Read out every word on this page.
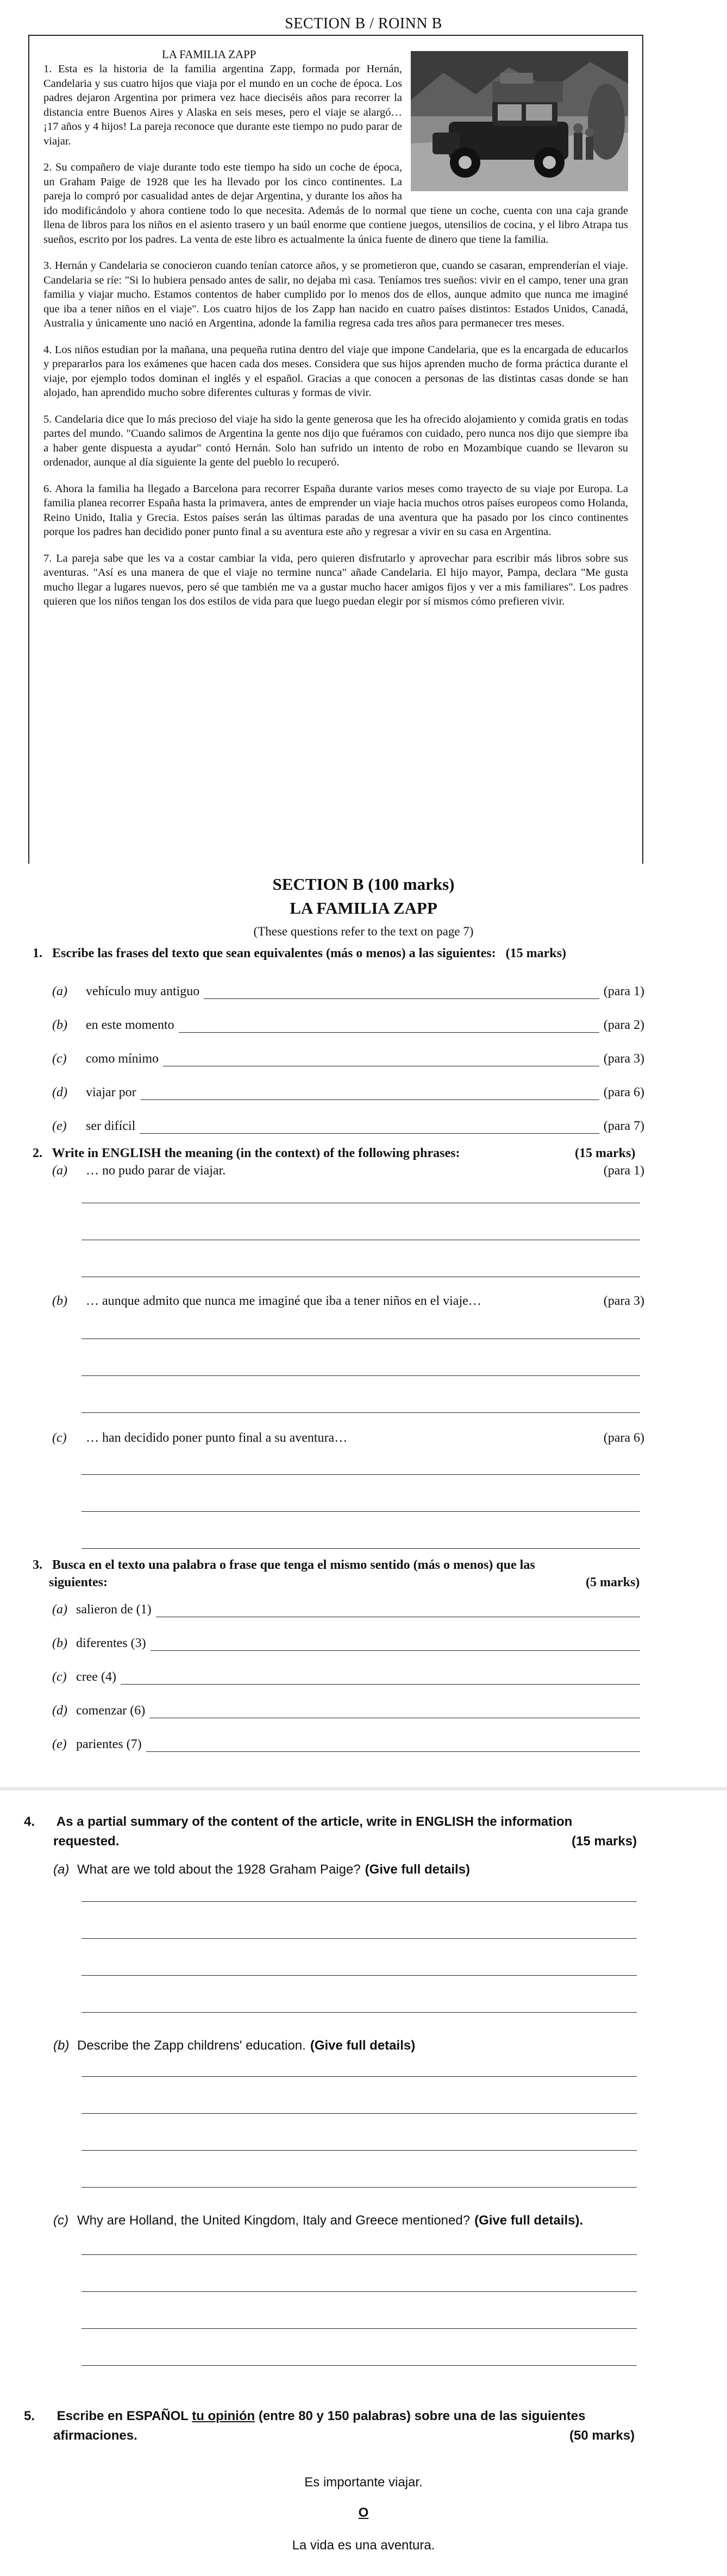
SECTION B / ROINN B
LA FAMILIA ZAPP

1. Esta es la historia de la familia argentina Zapp, formada por Hernán, Candelaria y sus cuatro hijos que viaja por el mundo en un coche de época. Los padres dejaron Argentina por primera vez hace dieciséis años para recorrer la distancia entre Buenos Aires y Alaska en seis meses, pero el viaje se alargó… ¡17 años y 4 hijos! La pareja reconoce que durante este tiempo no pudo parar de viajar.

2. Su compañero de viaje durante todo este tiempo ha sido un coche de época, un Graham Paige de 1928 que les ha llevado por los cinco continentes. La pareja lo compró por casualidad antes de dejar Argentina, y durante los años ha ido modificándolo y ahora contiene todo lo que necesita. Además de lo normal que tiene un coche, cuenta con una caja grande llena de libros para los niños en el asiento trasero y un baúl enorme que contiene juegos, utensilios de cocina, y el libro Atrapa tus sueños, escrito por los padres. La venta de este libro es actualmente la única fuente de dinero que tiene la familia.

3. Hernán y Candelaria se conocieron cuando tenían catorce años, y se prometieron que, cuando se casaran, emprenderían el viaje. Candelaria se ríe: "Si lo hubiera pensado antes de salir, no dejaba mi casa. Teníamos tres sueños: vivir en el campo, tener una gran familia y viajar mucho. Estamos contentos de haber cumplido por lo menos dos de ellos, aunque admito que nunca me imaginé que iba a tener niños en el viaje". Los cuatro hijos de los Zapp han nacido en cuatro países distintos: Estados Unidos, Canadá, Australia y únicamente uno nació en Argentina, adonde la familia regresa cada tres años para permanecer tres meses.

4. Los niños estudian por la mañana, una pequeña rutina dentro del viaje que impone Candelaria, que es la encargada de educarlos y prepararlos para los exámenes que hacen cada dos meses. Considera que sus hijos aprenden mucho de forma práctica durante el viaje, por ejemplo todos dominan el inglés y el español. Gracias a que conocen a personas de las distintas casas donde se han alojado, han aprendido mucho sobre diferentes culturas y formas de vivir.

5. Candelaria dice que lo más precioso del viaje ha sido la gente generosa que les ha ofrecido alojamiento y comida gratis en todas partes del mundo. "Cuando salimos de Argentina la gente nos dijo que fuéramos con cuidado, pero nunca nos dijo que siempre iba a haber gente dispuesta a ayudar" contó Hernán. Solo han sufrido un intento de robo en Mozambique cuando se llevaron su ordenador, aunque al día siguiente la gente del pueblo lo recuperó.

6. Ahora la familia ha llegado a Barcelona para recorrer España durante varios meses como trayecto de su viaje por Europa. La familia planea recorrer España hasta la primavera, antes de emprender un viaje hacia muchos otros países europeos como Holanda, Reino Unido, Italia y Grecia. Estos países serán las últimas paradas de una aventura que ha pasado por los cinco continentes porque los padres han decidido poner punto final a su aventura este año y regresar a vivir en su casa en Argentina.

7. La pareja sabe que les va a costar cambiar la vida, pero quieren disfrutarlo y aprovechar para escribir más libros sobre sus aventuras. "Así es una manera de que el viaje no termine nunca" añade Candelaria. El hijo mayor, Pampa, declara "Me gusta mucho llegar a lugares nuevos, pero sé que también me va a gustar mucho hacer amigos fijos y ver a mis familiares". Los padres quieren que los niños tengan los dos estilos de vida para que luego puedan elegir por sí mismos cómo prefieren vivir.

SECTION B (100 marks)
LA FAMILIA ZAPP
(These questions refer to the text on page 7)
1. Escribe las frases del texto que sean equivalentes (más o menos) a las siguientes: (15 marks)
(a)	vehículo muy antiguo	(para 1)
(b)	en este momento	(para 2)
(c)	como mínimo	(para 3)
(d)	viajar por	(para 6)
(e)	ser difícil	(para 7)
2. Write in ENGLISH the meaning (in the context) of the following phrases:	(15 marks)
(a)	… no pudo parar de viajar.	(para 1)
(b)	… aunque admito que nunca me imaginé que iba a tener niños en el viaje…	(para 3)
(c)	… han decidido poner punto final a su aventura…	(para 6)
3. Busca en el texto una palabra o frase que tenga el mismo sentido (más o menos) que las
siguientes:	(5 marks)
(a) salieron de (1)
(b) diferentes (3)
(c) cree (4)
(d) comenzar (6)
(e) parientes (7)
4. As a partial summary of the content of the article, write in ENGLISH the information
requested.	(15 marks)
(a) What are we told about the 1928 Graham Paige? (Give full details)
(b) Describe the Zapp childrens' education. (Give full details)
(c) Why are Holland, the United Kingdom, Italy and Greece mentioned? (Give full details).
5. Escribe en ESPAÑOL tu opinión (entre 80 y 150 palabras) sobre una de las siguientes
afirmaciones.	(50 marks)
Es importante viajar.
O
La vida es una aventura.
